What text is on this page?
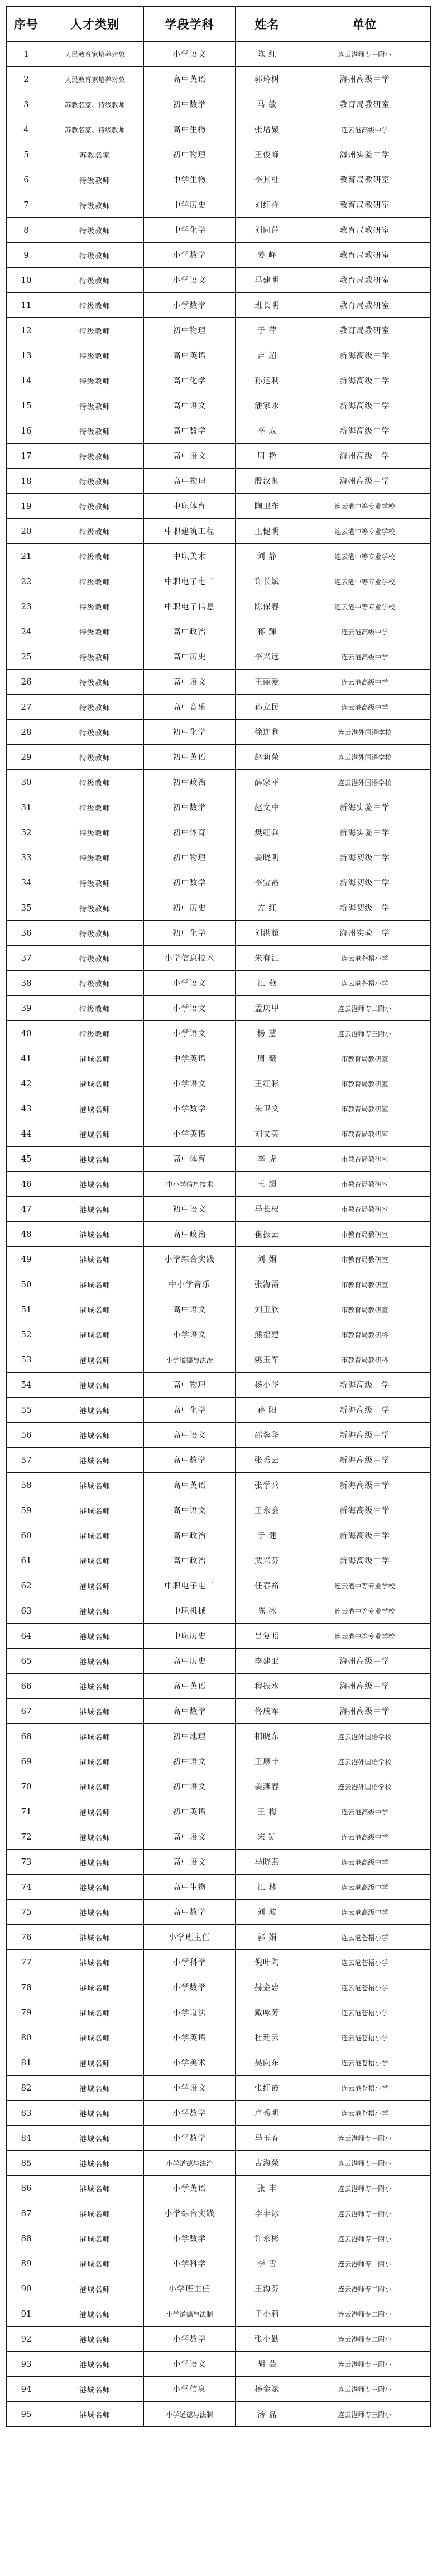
序号	人才类别	学段学科	姓名	单位
1	人民教育家培养对象	小学语文	陈 红	连云港师专一附小
2	人民教育家培养对象	高中英语	郭玲树	海州高级中学
3	苏教名家、特级教师	初中数学	马 敏	教育局教研室
4	苏教名家、特级教师	高中生物	张增聚	连云港高级中学
5	苏教名家	初中物理	王俊峰	海州实验中学
6	特级教师	中学生物	李其杜	教育局教研室
7	特级教师	中学历史	刘红祥	教育局教研室
8	特级教师	中学化学	刘同萍	教育局教研室
9	特级教师	小学数学	姜 峰	教育局教研室
10	特级教师	小学语文	马建明	教育局教研室
11	特级教师	小学数学	班长明	教育局教研室
12	特级教师	初中物理	于 萍	教育局教研室
13	特级教师	高中英语	吉 超	新海高级中学
14	特级教师	高中化学	孙运利	新海高级中学
15	特级教师	高中语文	潘家永	新海高级中学
16	特级教师	高中数学	李 成	新海高级中学
17	特级教师	高中语文	周 艳	海州高级中学
18	特级教师	高中物理	殷汉卿	海州高级中学
19	特级教师	中职体育	陶卫东	连云港中等专业学校
20	特级教师	中职建筑工程	王健明	连云港中等专业学校
21	特级教师	中职美术	刘 静	连云港中等专业学校
22	特级教师	中职电子电工	许长斌	连云港中等专业学校
23	特级教师	中职电子信息	陈保春	连云港中等专业学校
24	特级教师	高中政治	蒋 輝	连云港高级中学
25	特级教师	高中历史	李兴远	连云港高级中学
26	特级教师	高中语文	王丽爱	连云港高级中学
27	特级教师	高中音乐	孙立民	连云港高级中学
28	特级教师	初中化学	徐连利	连云港外国语学校
29	特级教师	初中英语	赵莉荣	连云港外国语学校
30	特级教师	初中政治	薛家平	连云港外国语学校
31	特级教师	初中数学	赵文中	新海实验中学
32	特级教师	初中体育	樊红兵	新海实验中学
33	特级教师	初中物理	姜晓明	新海初级中学
34	特级教师	初中数学	李宝霞	新海初级中学
35	特级教师	初中历史	方 红	新海初级中学
36	特级教师	初中化学	刘洪超	海州实验中学
37	特级教师	小学信息技术	朱有江	连云港苍梧小学
38	特级教师	小学语文	江 燕	连云港苍梧小学
39	特级教师	小学语文	孟庆甲	连云港师专二附小
40	特级教师	小学语文	杨 慧	连云港师专三附小
41	港城名师	中学英语	周 薇	市教育局教研室
42	港城名师	小学语文	王红彩	市教育局教研室
43	港城名师	小学数学	朱卫文	市教育局教研室
44	港城名师	小学英语	刘文英	市教育局教研室
45	港城名师	高中体育	李 虎	市教育局教研室
46	港城名师	中小学信息技术	王 超	市教育局教研室
47	港城名师	初中语文	马长根	市教育局教研室
48	港城名师	高中政治	崔振云	市教育局教研室
49	港城名师	小学综合实践	刘 娟	市教育局教研室
50	港城名师	中小学音乐	张海霞	市教育局教研室
51	港城名师	高中语文	刘玉欣	市教育局教研室
52	港城名师	小学语文	熊福建	市教育局教研科
53	港城名师	小学道德与法治	姚玉军	市教育局教研科
54	港城名师	高中物理	杨小华	新海高级中学
55	港城名师	高中化学	蒋 阳	新海高级中学
56	港城名师	高中语文	邵蓉华	新海高级中学
57	港城名师	高中数学	张秀云	新海高级中学
58	港城名师	高中英语	张学兵	新海高级中学
59	港城名师	高中语文	王永会	新海高级中学
60	港城名师	高中政治	于 健	新海高级中学
61	港城名师	高中政治	武兴芬	新海高级中学
62	港城名师	中职电子电工	任春裕	连云港中等专业学校
63	港城名师	中职机械	陈 冰	连云港中等专业学校
64	港城名师	中职历史	吕复昭	连云港中等专业学校
65	港城名师	高中历史	李建亚	海州高级中学
66	港城名师	高中英语	穆振水	海州高级中学
67	港城名师	高中数学	佟成军	海州高级中学
68	港城名师	初中地理	相晓东	连云港外国语学校
69	港城名师	初中语文	王康丰	连云港外国语学校
70	港城名师	初中语文	姜燕春	连云港外国语学校
71	港城名师	初中英语	王 梅	连云港高级中学
72	港城名师	高中语文	宋 凯	连云港高级中学
73	港城名师	高中语文	马晓燕	连云港高级中学
74	港城名师	高中生物	江 林	连云港高级中学
75	港城名师	高中数学	刘 波	连云港高级中学
76	港城名师	小学班主任	郭 娟	连云港苍梧小学
77	港城名师	小学科学	倪叶陶	连云港苍梧小学
78	港城名师	小学数学	赫金忠	连云港苍梧小学
79	港城名师	小学道法	戴咏芳	连云港苍梧小学
80	港城名师	小学英语	杜廷云	连云港苍梧小学
81	港城名师	小学美术	吴向东	连云港苍梧小学
82	港城名师	小学语文	张红霞	连云港苍梧小学
83	港城名师	小学数学	卢秀明	连云港苍梧小学
84	港城名师	小学数学	马玉春	连云港师专一附小
85	港城名师	小学道德与法治	古海荣	连云港师专一附小
86	港城名师	小学英语	张 丰	连云港师专一附小
87	港城名师	小学综合实践	李丰冰	连云港师专一附小
88	港城名师	小学数学	许永彬	连云港师专一附小
89	港城名师	小学科学	李 雪	连云港师专一附小
90	港城名师	小学班主任	王海芬	连云港师专二附小
91	港城名师	小学道德与法制	于小莉	连云港师专二附小
92	港城名师	小学数学	张小勤	连云港师专二附小
93	港城名师	小学语文	胡 芸	连云港师专三附小
94	港城名师	小学信息	杨金斌	连云港师专三附小
95	港城名师	小学道德与法制	汤 磊	连云港师专三附小
